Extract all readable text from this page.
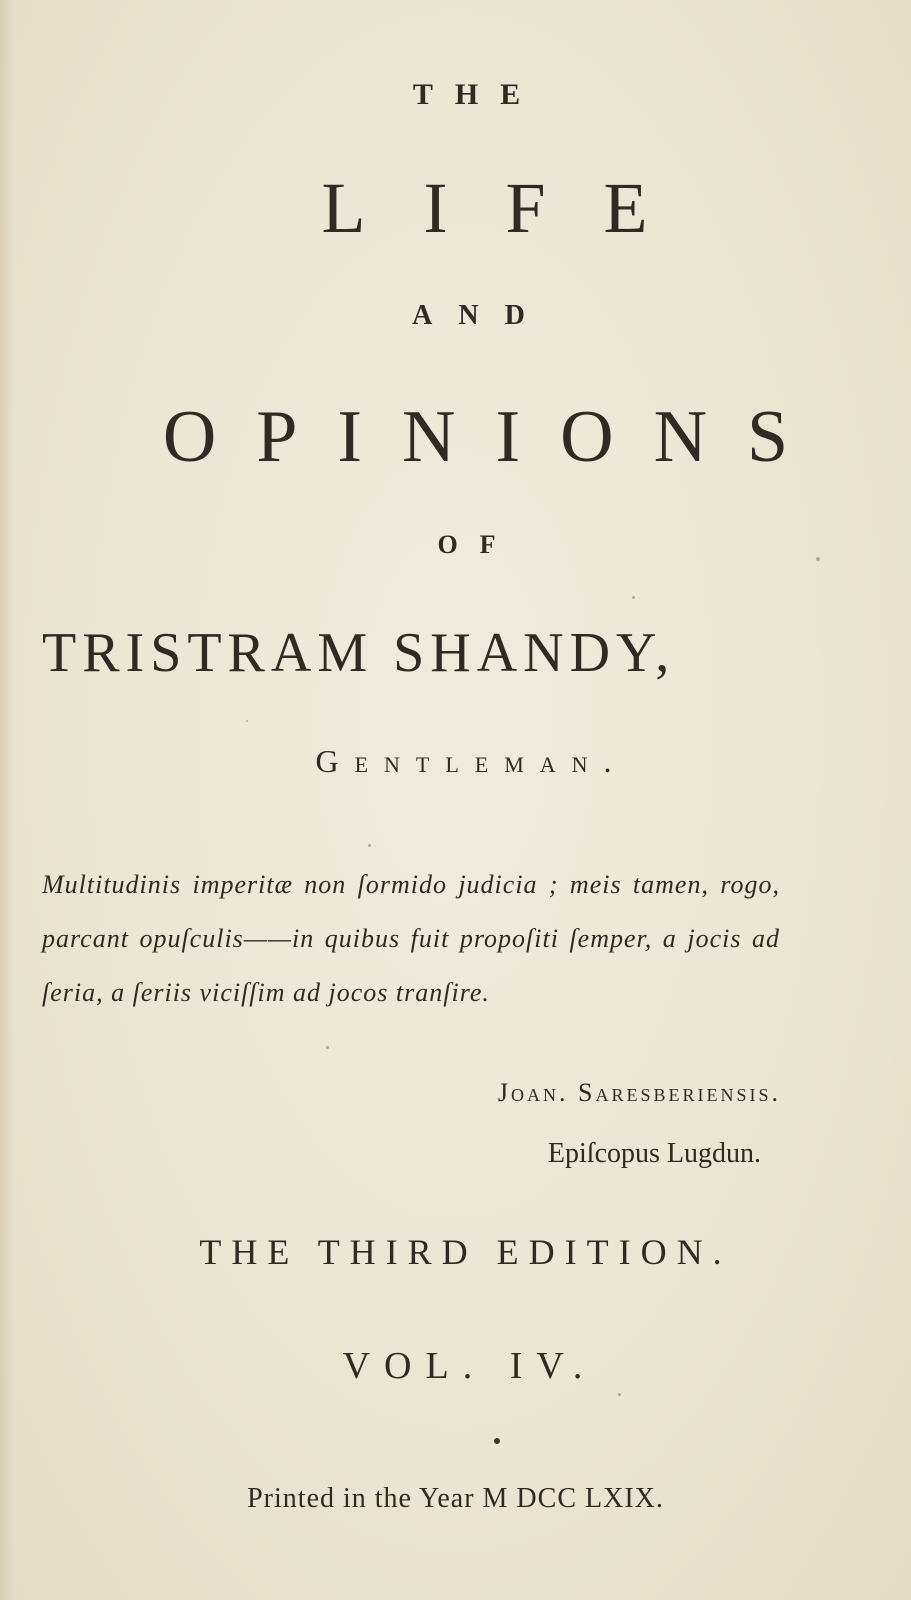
THE
LIFE
AND
OPINIONS
OF
TRISTRAM SHANDY,
Gentleman.
Multitudinis imperitæ non ſormido judicia ; meis tamen, rogo, parcant opuſculis——in quibus fuit propoſiti ſemper, a jocis ad ſeria, a ſeriis viciſſim ad jocos tranſire.
Joan. Saresberiensis.
Epiſcopus Lugdun.
THE THIRD EDITION.
VOL. IV.
Printed in the Year M DCC LXIX.
